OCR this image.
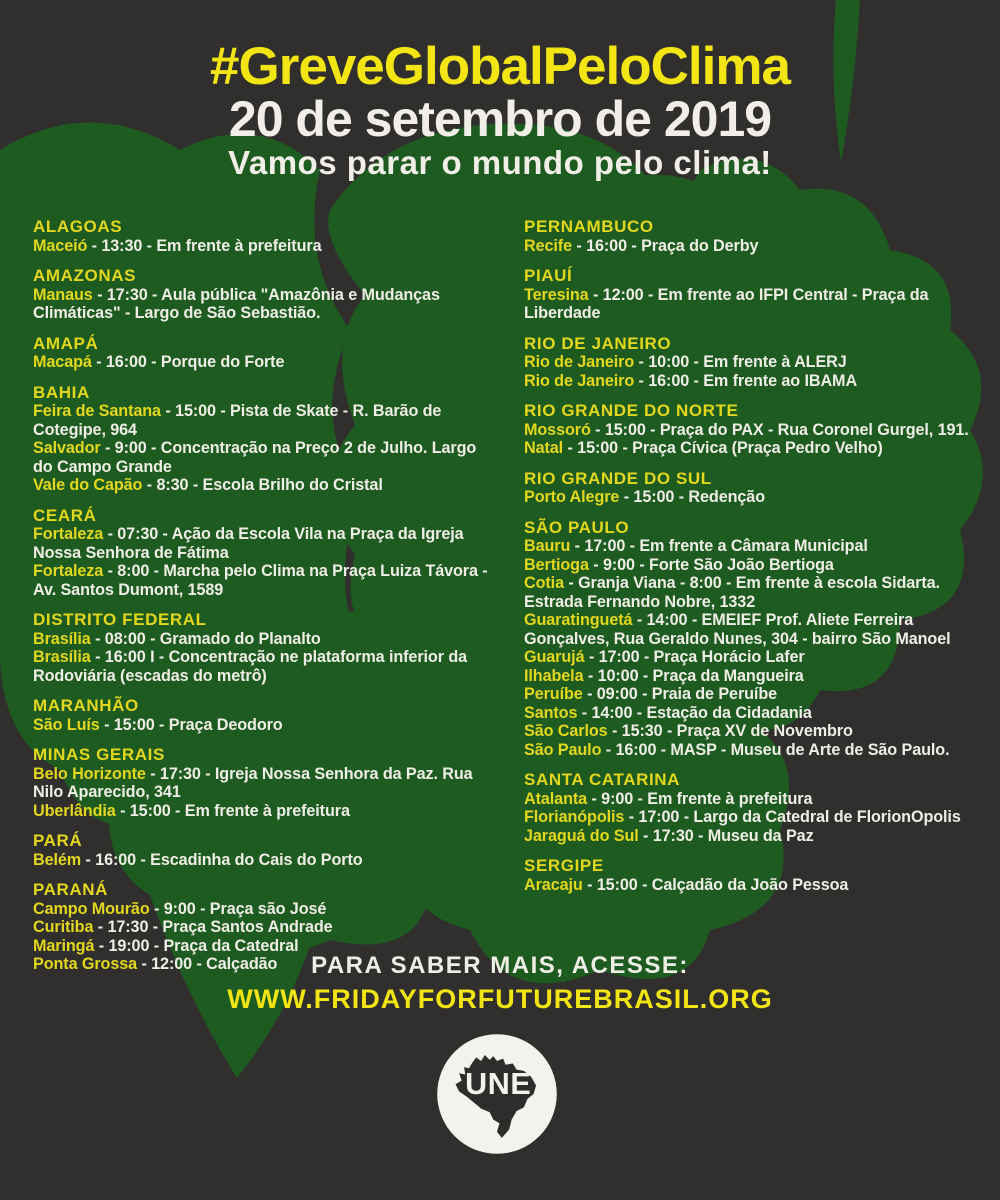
#GreveGlobalPeloClima
20 de setembro de 2019
Vamos parar o mundo pelo clima!
ALAGOAS

Maceió - 13:30 - Em frente à prefeitura

AMAZONAS

Manaus - 17:30 - Aula pública "Amazônia e Mudanças Climáticas" - Largo de São Sebastião.

AMAPÁ

Macapá - 16:00 - Porque do Forte

BAHIA

Feira de Santana - 15:00 - Pista de Skate - R. Barão de Cotegipe, 964

Salvador - 9:00 - Concentração na Preço 2 de Julho. Largo do Campo Grande

Vale do Capão - 8:30 - Escola Brilho do Cristal

CEARÁ

Fortaleza - 07:30 - Ação da Escola Vila na Praça da Igreja Nossa Senhora de Fátima

Fortaleza - 8:00 - Marcha pelo Clima na Praça Luiza Távora - Av. Santos Dumont, 1589

DISTRITO FEDERAL

Brasília - 08:00 - Gramado do Planalto

Brasília - 16:00 I - Concentração ne plataforma inferior da Rodoviária (escadas do metrô)

MARANHÃO

São Luís - 15:00 - Praça Deodoro

MINAS GERAIS

Belo Horizonte - 17:30 - Igreja Nossa Senhora da Paz. Rua Nilo Aparecido, 341

Uberlândia - 15:00 - Em frente à prefeitura

PARÁ

Belém - 16:00 - Escadinha do Cais do Porto

PARANÁ

Campo Mourão - 9:00 - Praça são José

Curitiba - 17:30 - Praça Santos Andrade

Maringá - 19:00 - Praça da Catedral

Ponta Grossa - 12:00 - Calçadão

PERNAMBUCO

Recife - 16:00 - Praça do Derby

PIAUÍ

Teresina - 12:00 - Em frente ao IFPI Central - Praça da Liberdade

RIO DE JANEIRO

Rio de Janeiro - 10:00 - Em frente à ALERJ

Rio de Janeiro - 16:00 - Em frente ao IBAMA

RIO GRANDE DO NORTE

Mossoró - 15:00 - Praça do PAX - Rua Coronel Gurgel, 191.

Natal - 15:00 - Praça Cívica (Praça Pedro Velho)

RIO GRANDE DO SUL

Porto Alegre - 15:00 - Redenção

SÃO PAULO

Bauru - 17:00 - Em frente a Câmara Municipal

Bertioga - 9:00 - Forte São João Bertioga

Cotia - Granja Viana - 8:00 - Em frente à escola Sidarta. Estrada Fernando Nobre, 1332

Guaratinguetá - 14:00 - EMEIEF Prof. Aliete Ferreira Gonçalves, Rua Geraldo Nunes, 304 - bairro São Manoel

Guarujá - 17:00 - Praça Horácio Lafer

Ilhabela - 10:00 - Praça da Mangueira

Peruíbe - 09:00 - Praia de Peruíbe

Santos - 14:00 - Estação da Cidadania

São Carlos - 15:30 - Praça XV de Novembro

São Paulo - 16:00 - MASP - Museu de Arte de São Paulo.

SANTA CATARINA

Atalanta - 9:00 - Em frente à prefeitura

Florianópolis - 17:00 - Largo da Catedral de FlorionOpolis

Jaraguá do Sul - 17:30 - Museu da Paz

SERGIPE

Aracaju - 15:00 - Calçadão da João Pessoa

PARA SABER MAIS, ACESSE:

WWW.FRIDAYFORFUTUREBRASIL.ORG

UNE
